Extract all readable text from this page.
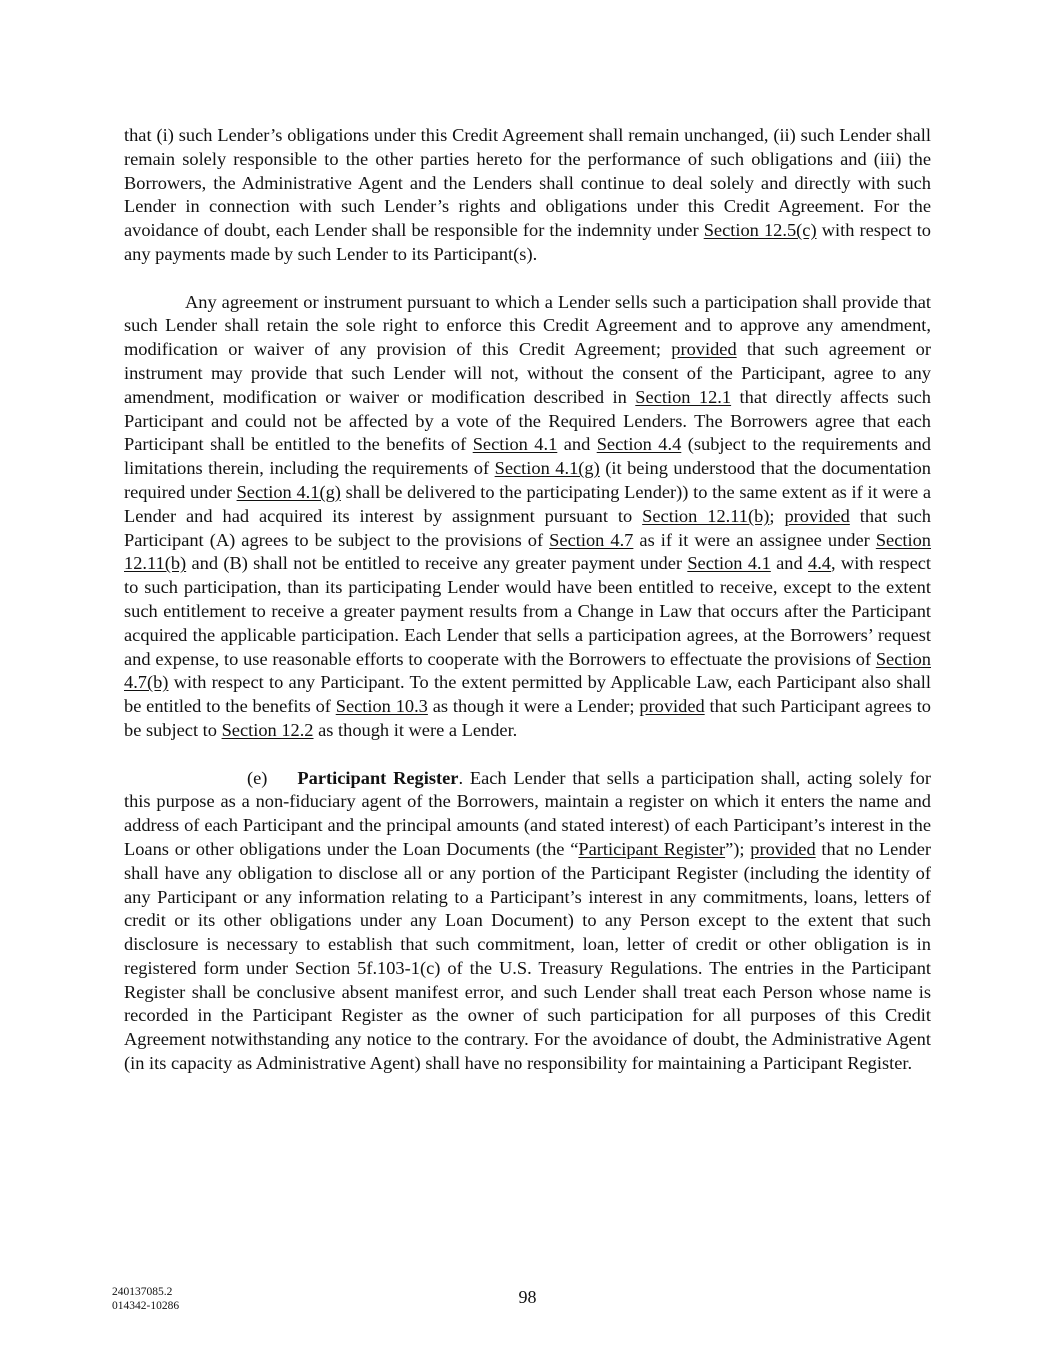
that (i) such Lender’s obligations under this Credit Agreement shall remain unchanged, (ii) such Lender shall remain solely responsible to the other parties hereto for the performance of such obligations and (iii) the Borrowers, the Administrative Agent and the Lenders shall continue to deal solely and directly with such Lender in connection with such Lender’s rights and obligations under this Credit Agreement. For the avoidance of doubt, each Lender shall be responsible for the indemnity under Section 12.5(c) with respect to any payments made by such Lender to its Participant(s).

Any agreement or instrument pursuant to which a Lender sells such a participation shall provide that such Lender shall retain the sole right to enforce this Credit Agreement and to approve any amendment, modification or waiver of any provision of this Credit Agreement; provided that such agreement or instrument may provide that such Lender will not, without the consent of the Participant, agree to any amendment, modification or waiver or modification described in Section 12.1 that directly affects such Participant and could not be affected by a vote of the Required Lenders. The Borrowers agree that each Participant shall be entitled to the benefits of Section 4.1 and Section 4.4 (subject to the requirements and limitations therein, including the requirements of Section 4.1(g) (it being understood that the documentation required under Section 4.1(g) shall be delivered to the participating Lender)) to the same extent as if it were a Lender and had acquired its interest by assignment pursuant to Section 12.11(b); provided that such Participant (A) agrees to be subject to the provisions of Section 4.7 as if it were an assignee under Section 12.11(b) and (B) shall not be entitled to receive any greater payment under Section 4.1 and 4.4, with respect to such participation, than its participating Lender would have been entitled to receive, except to the extent such entitlement to receive a greater payment results from a Change in Law that occurs after the Participant acquired the applicable participation. Each Lender that sells a participation agrees, at the Borrowers’ request and expense, to use reasonable efforts to cooperate with the Borrowers to effectuate the provisions of Section 4.7(b) with respect to any Participant. To the extent permitted by Applicable Law, each Participant also shall be entitled to the benefits of Section 10.3 as though it were a Lender; provided that such Participant agrees to be subject to Section 12.2 as though it were a Lender.

(e) Participant Register. Each Lender that sells a participation shall, acting solely for this purpose as a non-fiduciary agent of the Borrowers, maintain a register on which it enters the name and address of each Participant and the principal amounts (and stated interest) of each Participant’s interest in the Loans or other obligations under the Loan Documents (the “Participant Register”); provided that no Lender shall have any obligation to disclose all or any portion of the Participant Register (including the identity of any Participant or any information relating to a Participant’s interest in any commitments, loans, letters of credit or its other obligations under any Loan Document) to any Person except to the extent that such disclosure is necessary to establish that such commitment, loan, letter of credit or other obligation is in registered form under Section 5f.103-1(c) of the U.S. Treasury Regulations. The entries in the Participant Register shall be conclusive absent manifest error, and such Lender shall treat each Person whose name is recorded in the Participant Register as the owner of such participation for all purposes of this Credit Agreement notwithstanding any notice to the contrary. For the avoidance of doubt, the Administrative Agent (in its capacity as Administrative Agent) shall have no responsibility for maintaining a Participant Register.

240137085.2
014342-10286	98
